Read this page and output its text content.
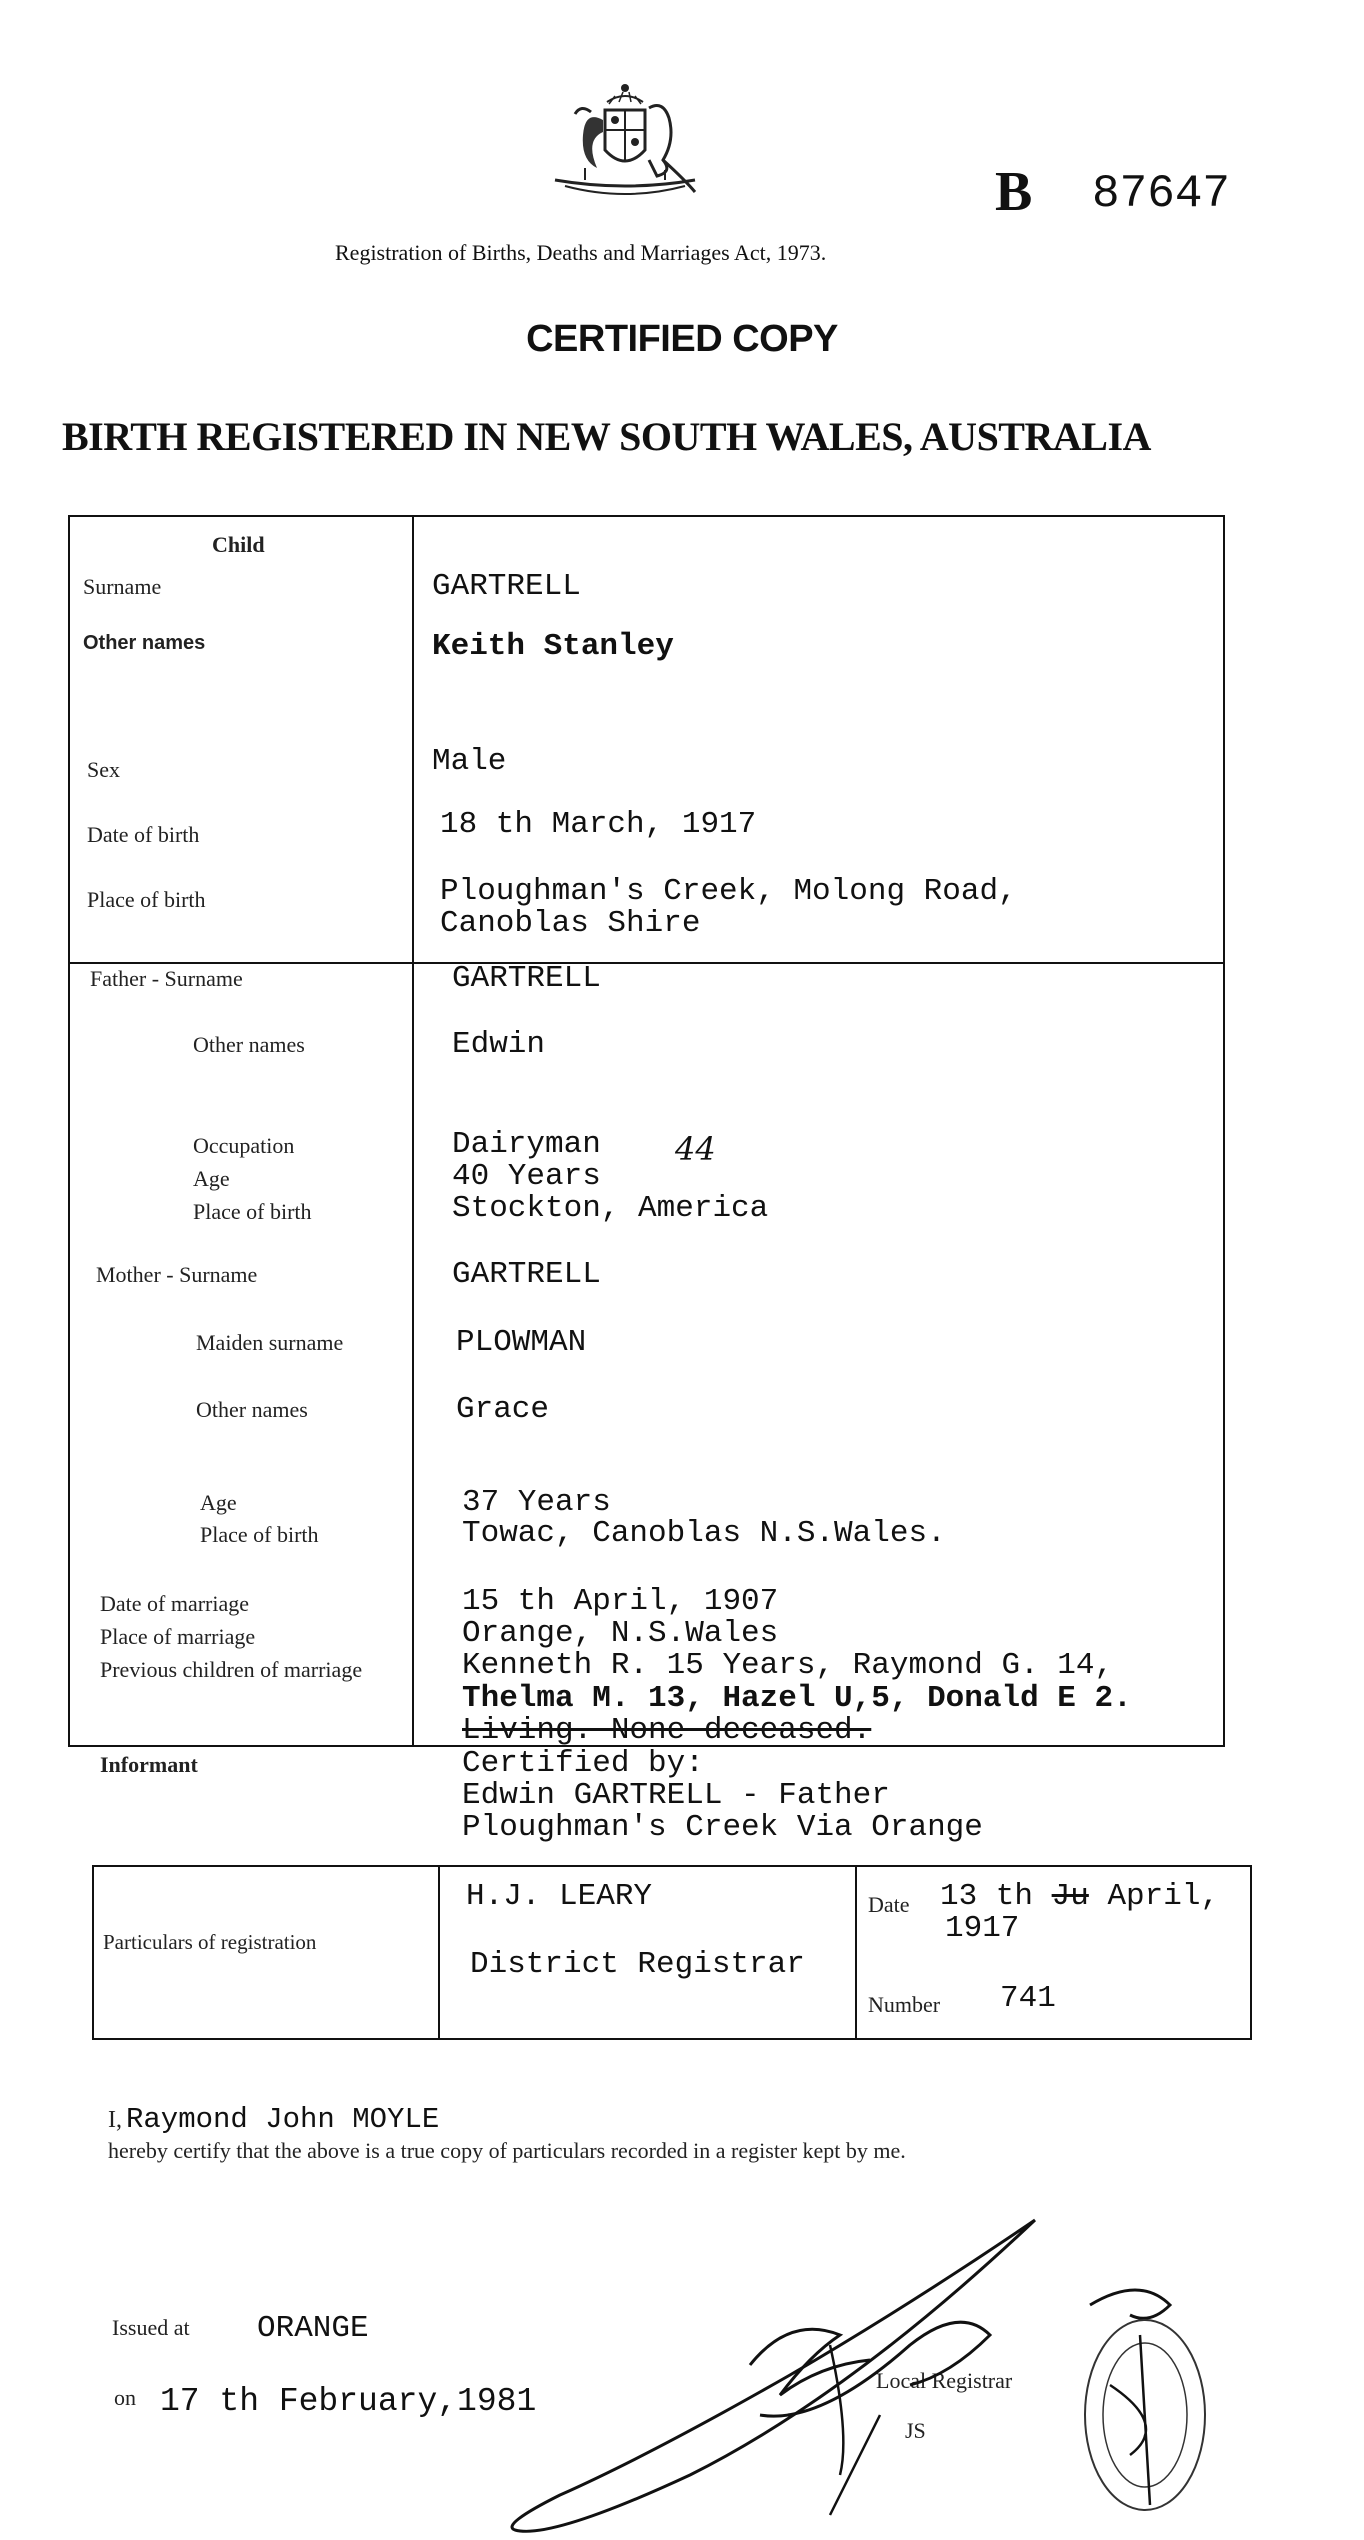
B 87647
Registration of Births, Deaths and Marriages Act, 1973.
CERTIFIED COPY
BIRTH REGISTERED IN NEW SOUTH WALES, AUSTRALIA
Child
Surname	GARTRELL
Other names	Keith Stanley
Sex	Male
Date of birth	18 th March, 1917
Place of birth	Ploughman's Creek, Molong Road,
Canoblas Shire
Father - Surname	GARTRELL
Other names	Edwin
Occupation	Dairyman
Age	40 Years
44
Place of birth	Stockton, America
Mother - Surname	GARTRELL
Maiden surname	PLOWMAN
Other names	Grace
Age	37 Years
Place of birth	Towac, Canoblas N.S.Wales.
Date of marriage	15 th April, 1907
Place of marriage	Orange, N.S.Wales
Previous children of marriage	Kenneth R. 15 Years, Raymond G. 14,
Thelma M. 13, Hazel U,5, Donald E 2.
Living. None deceased.
Informant	Certified by:
Edwin GARTRELL - Father
Ploughman's Creek Via Orange
Particulars of registration
H.J. LEARY
District Registrar
Date 13 th Ju April,
1917
Number 741
I, Raymond John MOYLE
hereby certify that the above is a true copy of particulars recorded in a register kept by me.
Issued at ORANGE
on 17 th February,1981
Local Registrar
JS
